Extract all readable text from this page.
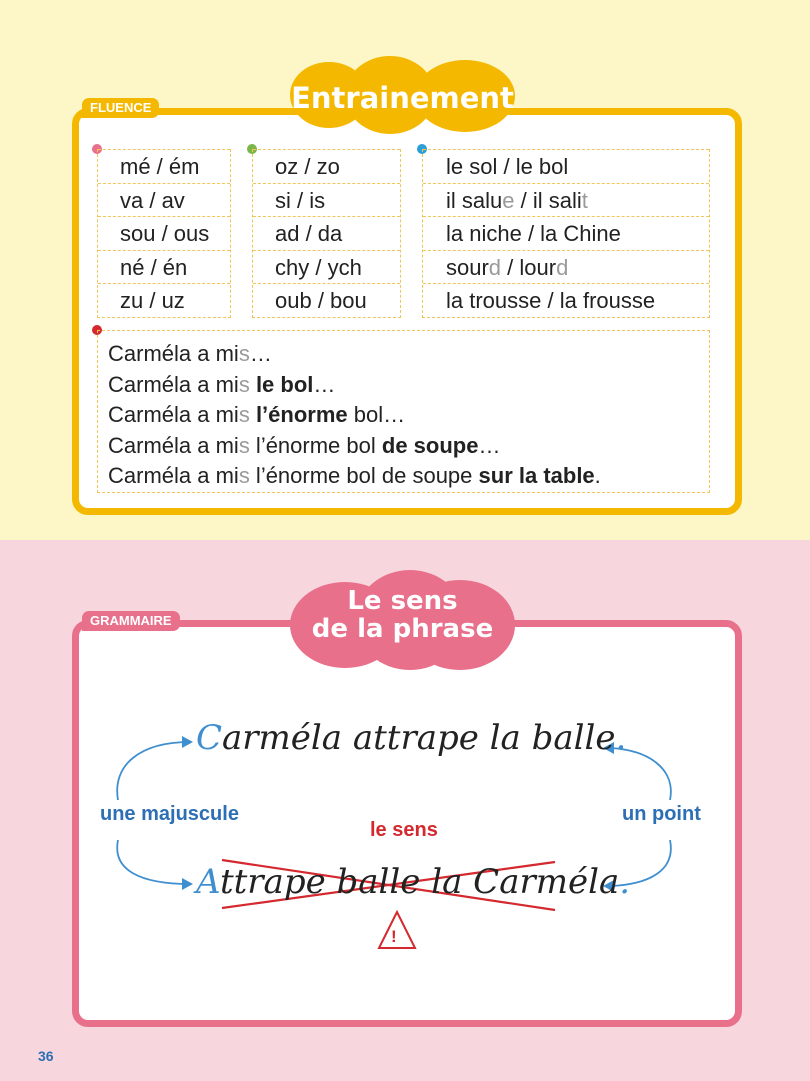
Entrainement
FLUENCE
mé / ém
va / av
sou / ous
né / én
zu / uz
oz / zo
si / is
ad / da
chy / ych
oub / bou
le sol / le bol
il salue / il salit
la niche / la Chine
sourd / lourd
la trousse / la frousse
Carméla a mis…
Carméla a mis le bol…
Carméla a mis l’énorme bol…
Carméla a mis l’énorme bol de soupe…
Carméla a mis l’énorme bol de soupe sur la table.
Le sens
de la phrase
GRAMMAIRE
Carméla attrape la balle.
Attrape balle la Carméla.
une majuscule	un point
le sens
!
36
